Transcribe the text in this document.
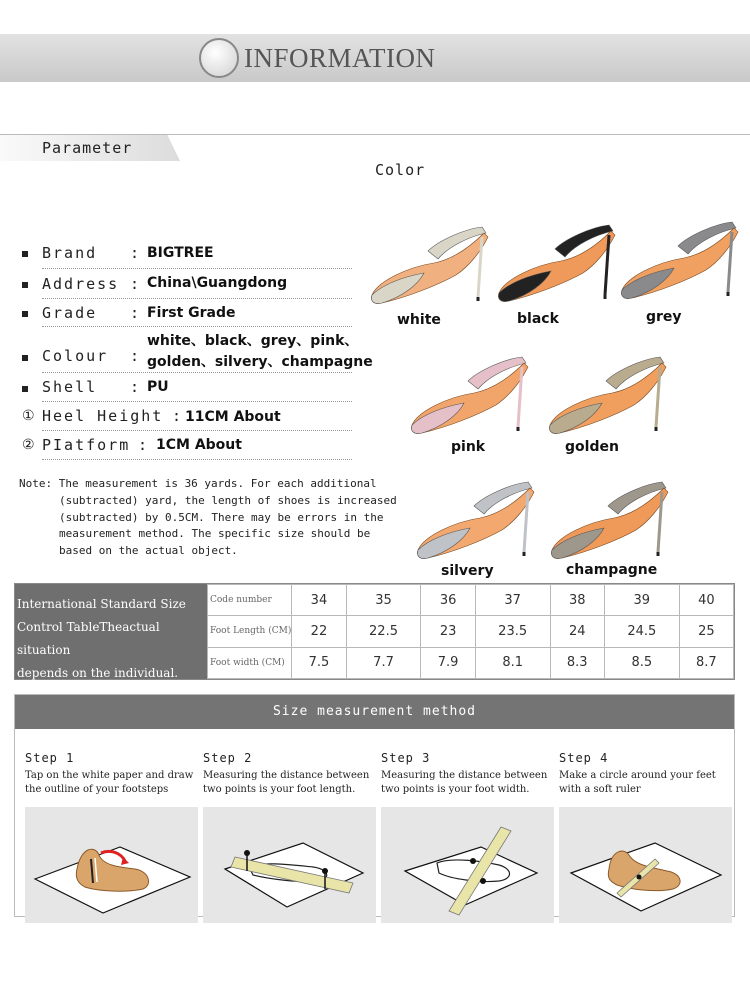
INFORMATION
Parameter
Color
Brand : BIGTREE
Address : China\Guangdong
Grade : First Grade
white、black、grey、pink、
Colour : golden、silvery、champagne
Shell : PU
① Heel Height : 11CM About
② PIatform : 1CM About
Note: The measurement is 36 yards. For each additional
(subtracted) yard, the length of shoes is increased
(subtracted) by 0.5CM. There may be errors in the
measurement method. The specific size should be
based on the actual object.
white	black	grey
pink	golden
silvery	champagne
International Standard Size
Control TableTheactual situation
depends on the individual.
Code number	34	35	36	37	38	39	40
Foot Length (CM)	22	22.5	23	23.5	24	24.5	25
Foot width (CM)	7.5	7.7	7.9	8.1	8.3	8.5	8.7
Size measurement method
Step 1
Tap on the white paper and draw the outline of your footsteps
Step 2
Measuring the distance between two points is your foot length.
Step 3
Measuring the distance between two points is your foot width.
Step 4
Make a circle around your feet with a soft ruler
